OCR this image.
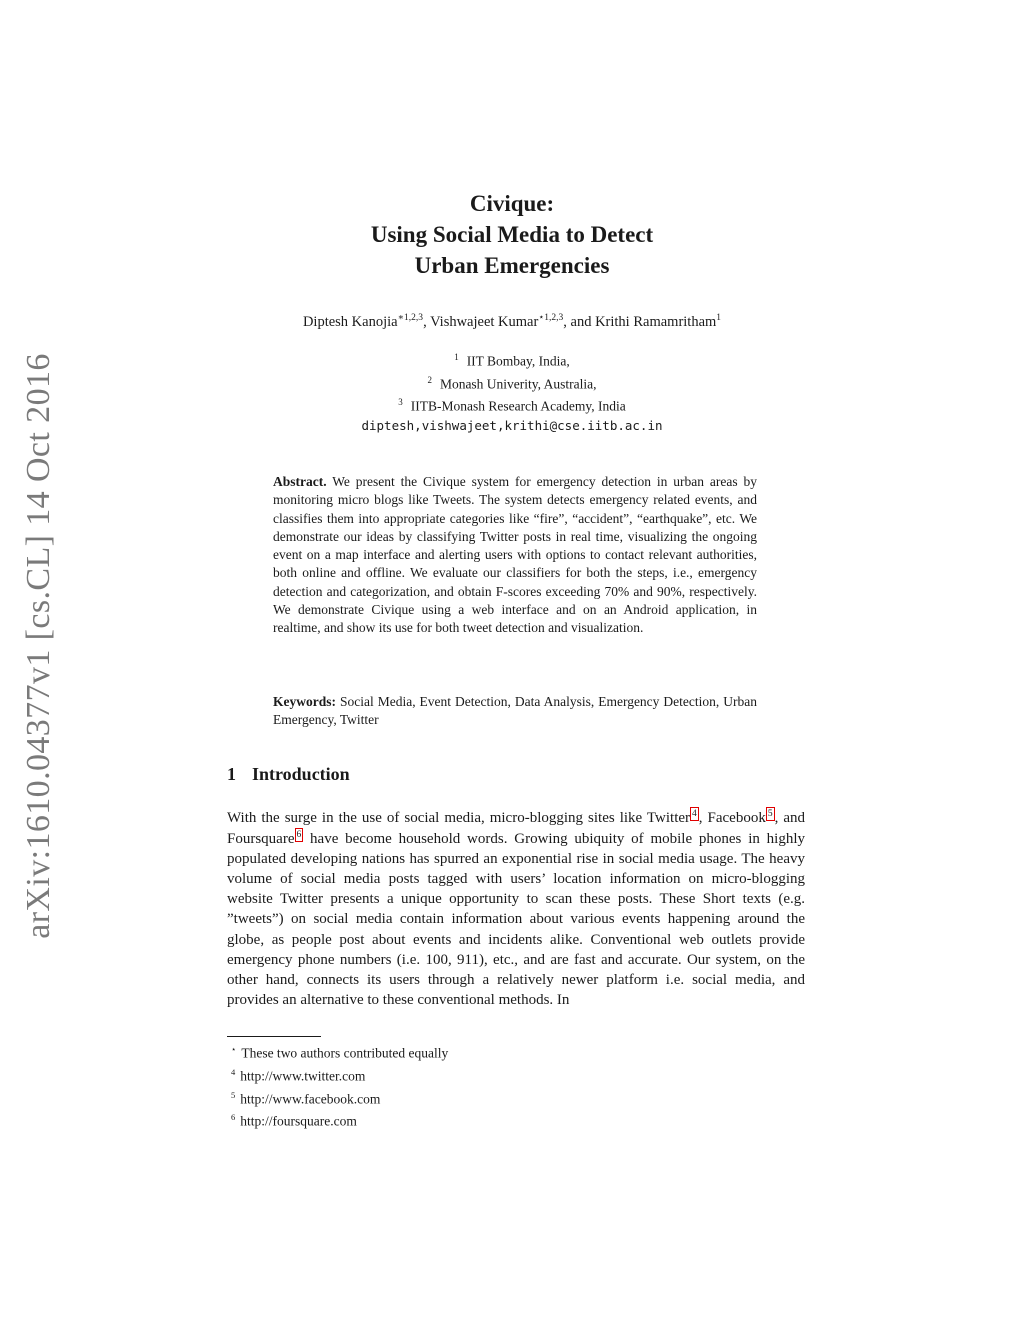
arXiv:1610.04377v1 [cs.CL] 14 Oct 2016
Civique:
Using Social Media to Detect
Urban Emergencies
Diptesh Kanojia$^{∗1,2,3}$, Vishwajeet Kumar$^{⋆1,2,3}$, and Krithi Ramamritham$^1$
$^1$ IIT Bombay, India,
$^2$ Monash Univerity, Australia,
$^3$ IITB-Monash Research Academy, India
diptesh,vishwajeet,krithi@cse.iitb.ac.in
Abstract. We present the Civique system for emergency detection in urban areas by monitoring micro blogs like Tweets. The system detects emergency related events, and classifies them into appropriate categories like “fire”, “accident”, “earthquake”, etc. We demonstrate our ideas by classifying Twitter posts in real time, visualizing the ongoing event on a map interface and alerting users with options to contact relevant authorities, both online and offline. We evaluate our classifiers for both the steps, i.e., emergency detection and categorization, and obtain F-scores exceeding 70% and 90%, respectively. We demonstrate Civique using a web interface and on an Android application, in realtime, and show its use for both tweet detection and visualization.
Keywords: Social Media, Event Detection, Data Analysis, Emergency Detection, Urban Emergency, Twitter
1 Introduction
With the surge in the use of social media, micro-blogging sites like Twitter 4 , Facebook 5 , and Foursquare 6 have become household words. Growing ubiquity of mobile phones in highly populated developing nations has spurred an exponential rise in social media usage. The heavy volume of social media posts tagged with users’ location information on micro-blogging website Twitter presents a unique opportunity to scan these posts. These Short texts (e.g. ”tweets”) on social media contain information about various events happening around the globe, as people post about events and incidents alike. Conventional web outlets provide emergency phone numbers (i.e. 100, 911), etc., and are fast and accurate. Our system, on the other hand, connects its users through a relatively newer platform i.e. social media, and provides an alternative to these conventional methods. In
⋆ These two authors contributed equally
$^4$ http://www.twitter.com
$^5$ http://www.facebook.com
$^6$ http://foursquare.com
